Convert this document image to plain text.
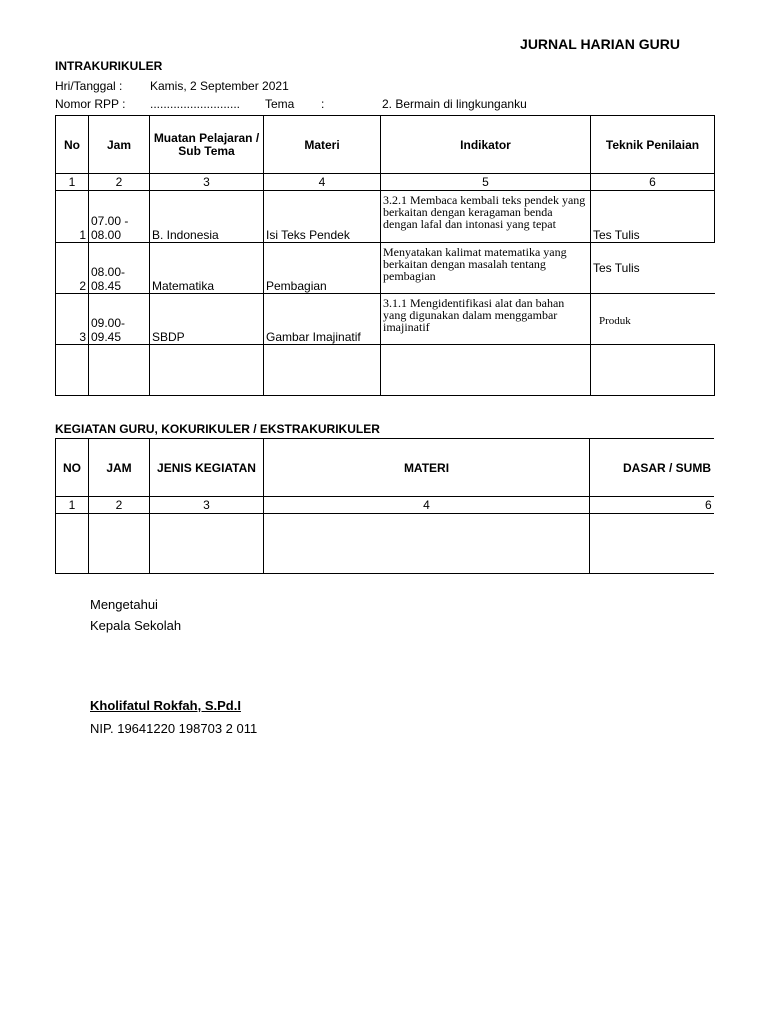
JURNAL HARIAN GURU
INTRAKURIKULER
Hri/Tanggal : Kamis, 2 September 2021
Nomor RPP : ........................... Tema :	2. Bermain di lingkunganku
No	Jam	Muatan Pelajaran / Sub Tema	Materi	Indikator	Teknik Penilaian
1	2	3	4	5	6
1	07.00 - 08.00	B. Indonesia	Isi Teks Pendek	3.2.1 Membaca kembali teks pendek yang berkaitan dengan keragaman benda dengan lafal dan intonasi yang tepat	Tes Tulis
2	08.00-08.45	Matematika	Pembagian	Menyatakan kalimat matematika yang berkaitan dengan masalah tentang pembagian	Tes Tulis
3	09.00-09.45	SBDP	Gambar Imajinatif	3.1.1 Mengidentifikasi alat dan bahan yang digunakan dalam menggambar imajinatif	Produk

KEGIATAN GURU, KOKURIKULER / EKSTRAKURIKULER
NO	JAM	JENIS KEGIATAN	MATERI	DASAR / SUMB
1	2	3	4	6

Mengetahui
Kepala Sekolah
Kholifatul Rokfah, S.Pd.I
NIP. 19641220 198703 2 011
